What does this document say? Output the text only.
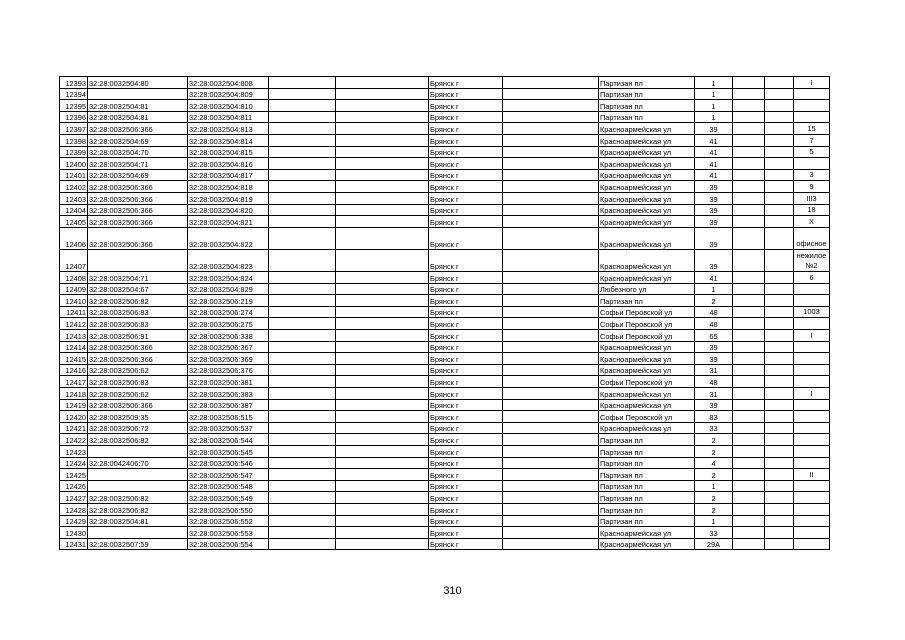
12393	32:28:0032504:80	32:28:0032504:808			Брянск г		Партизан пл	1			I
12394		32:28:0032504:809			Брянск г		Партизан пл	1			
12395	32:28:0032504:81	32:28:0032504:810			Брянск г		Партизан пл	1			
12396	32:28:0032504:81	32:28:0032504:811			Брянск г		Партизан пл	1			
12397	32:28:0032506:366	32:28:0032504:813			Брянск г		Красноармейская ул	39			15
12398	32:28:0032504:69	32:28:0032504:814			Брянск г		Красноармейская ул	41			7
12399	32:28:0032504:70	32:28:0032504:815			Брянск г		Красноармейская ул	41			5
12400	32:28:0032504:71	32:28:0032504:816			Брянск г		Красноармейская ул	41			
12401	32:28:0032504:69	32:28:0032504:817			Брянск г		Красноармейская ул	41			3
12402	32:28:0032506:366	32:28:0032504:818			Брянск г		Красноармейская ул	39			9
12403	32:28:0032506:366	32:28:0032504:819			Брянск г		Красноармейская ул	39			III3
12404	32:28:0032506:366	32:28:0032504:820			Брянск г		Красноармейская ул	39			18
12405	32:28:0032506:366	32:28:0032504:821			Брянск г		Красноармейская ул	39			X
12406	32:28:0032506:366	32:28:0032504:822			Брянск г		Красноармейская ул	39			офисное
12407		32:28:0032504:823			Брянск г		Красноармейская ул	39			нежилое №2
12408	32:28:0032504:71	32:28:0032504:824			Брянск г		Красноармейская ул	41			6
12409	32:28:0032504:67	32:28:0032504:829			Брянск г		Любезного ул	1			
12410	32:28:0032506:82	32:28:0032506:219			Брянск г		Партизан пл	2			
12411	32:28:0032506:83	32:28:0032506:274			Брянск г		Софьи Перовской ул	48			1003
12412	32:28:0032506:83	32:28:0032506:275			Брянск г		Софьи Перовской ул	48			
12413	32:28:0032506:91	32:28:0032506:338			Брянск г		Софьи Перовской ул	65			I
12414	32:28:0032506:366	32:28:0032506:367			Брянск г		Красноармейская ул	39			
12415	32:28:0032506:366	32:28:0032506:369			Брянск г		Красноармейская ул	39			
12416	32:28:0032506:62	32:28:0032506:376			Брянск г		Красноармейская ул	31			
12417	32:28:0032506:83	32:28:0032506:381			Брянск г		Софьи Перовской ул	48			
12418	32:28:0032506:62	32:28:0032506:383			Брянск г		Красноармейская ул	31			I
12419	32:28:0032506:366	32:28:0032506:387			Брянск г		Красноармейская ул	39			
12420	32:28:0032509:35	32:28:0032506:515			Брянск г		Софьи Перовской ул	83			
12421	32:28:0032506:72	32:28:0032506:537			Брянск г		Красноармейская ул	33			
12422	32:28:0032506:82	32:28:0032506:544			Брянск г		Партизан пл	2			
12423		32:28:0032506:545			Брянск г		Партизан пл	2			
12424	32:28:0042406:70	32:28:0032506:546			Брянск г		Партизан пл	4			
12425		32:28:0032506:547			Брянск г		Партизан пл	2			II
12426		32:28:0032506:548			Брянск г		Партизан пл	1			
12427	32:28:0032506:82	32:28:0032506:549			Брянск г		Партизан пл	2			
12428	32:28:0032506:82	32:28:0032506:550			Брянск г		Партизан пл	2			
12429	32:28:0032504:81	32:28:0032506:552			Брянск г		Партизан пл	1			
12430		32:28:0032506:553			Брянск г		Красноармейская ул	33			
12431	32:28:0032507:59	32:28:0032506:554			Брянск г		Красноармейская ул	29А			
310
